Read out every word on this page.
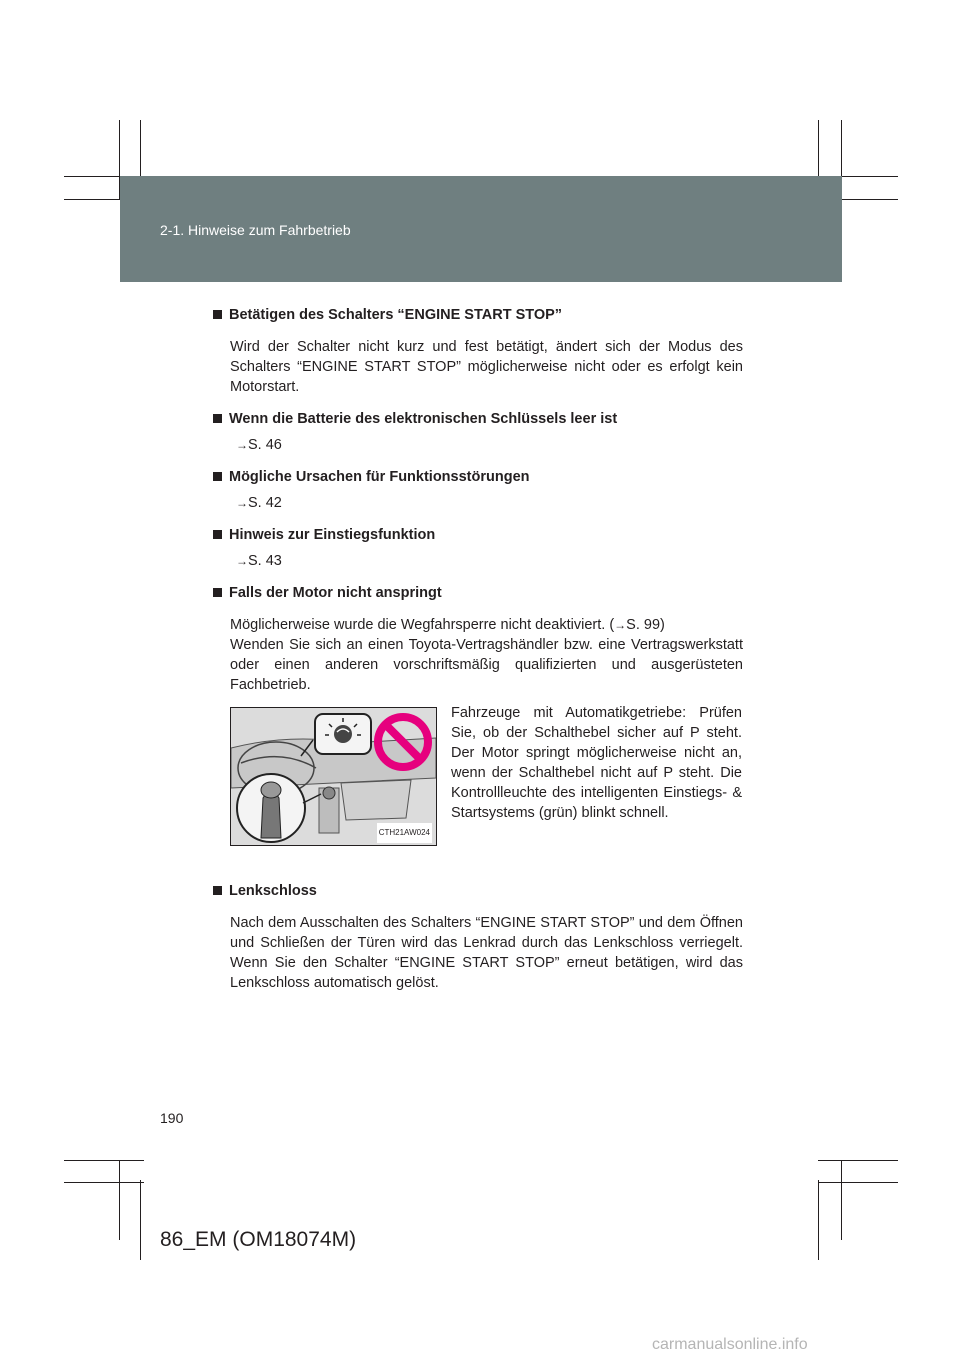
2-1. Hinweise zum Fahrbetrieb

Betätigen des Schalters “ENGINE START STOP”

Wird der Schalter nicht kurz und fest betätigt, ändert sich der Modus des Schalters “ENGINE START STOP” möglicherweise nicht oder es erfolgt kein Motorstart.

Wenn die Batterie des elektronischen Schlüssels leer ist

→S. 46

Mögliche Ursachen für Funktionsstörungen

→S. 42

Hinweis zur Einstiegsfunktion

→S. 43

Falls der Motor nicht anspringt

Möglicherweise wurde die Wegfahrsperre nicht deaktiviert. (→S. 99)

Wenden Sie sich an einen Toyota-Vertragshändler bzw. eine Vertragswerkstatt oder einen anderen vorschriftsmäßig qualifizierten und ausgerüsteten Fachbetrieb.

CTH21AW024

Fahrzeuge mit Automatikgetriebe: Prüfen Sie, ob der Schalthebel sicher auf P steht. Der Motor springt möglicherweise nicht an, wenn der Schalthebel nicht auf P steht. Die Kontrollleuchte des intelligenten Einstiegs- & Startsystems (grün) blinkt schnell.

Lenkschloss

Nach dem Ausschalten des Schalters “ENGINE START STOP” und dem Öffnen und Schließen der Türen wird das Lenkrad durch das Lenkschloss verriegelt. Wenn Sie den Schalter “ENGINE START STOP” erneut betätigen, wird das Lenkschloss automatisch gelöst.

190
86_EM (OM18074M)
carmanualsonline.info
